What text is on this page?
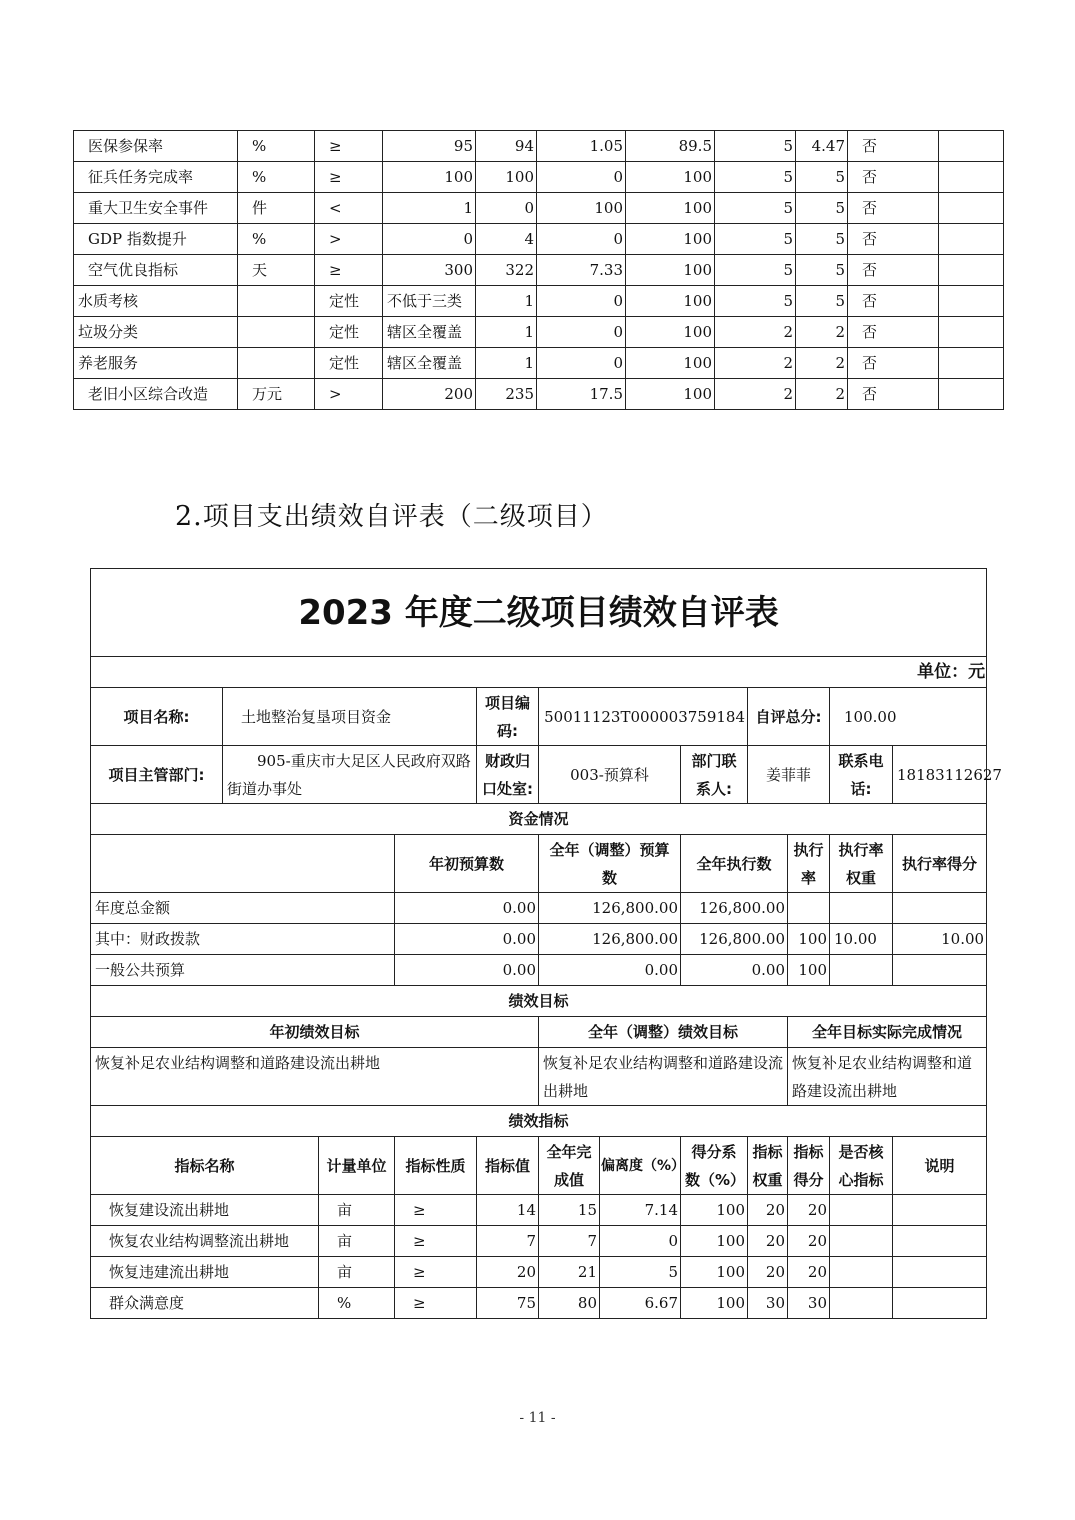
医保参保率	%	≥	95	94	1.05	89.5	5	4.47	否	
征兵任务完成率	%	≥	100	100	0	100	5	5	否	
重大卫生安全事件	件	<	1	0	100	100	5	5	否	
GDP 指数提升	%	>	0	4	0	100	5	5	否	
空气优良指标	天	≥	300	322	7.33	100	5	5	否	
水质考核		定性	不低于三类	1	0	100	5	5	否	
垃圾分类		定性	辖区全覆盖	1	0	100	2	2	否	
养老服务		定性	辖区全覆盖	1	0	100	2	2	否	
老旧小区综合改造	万元	>	200	235	17.5	100	2	2	否	
2.项目支出绩效自评表（二级项目）
2023 年度二级项目绩效自评表											
单位：元											
项目名称:	土地整治复垦项目资金			项目编码:	50011123T000003759184			自评总分:		100.00	
项目主管部门:	905-重庆市大足区人民政府双路街道办事处			财政归口处室:	003-预算科		部门联系人:	姜菲菲		联系电话:	18183112627
资金情况											
			年初预算数		全年（调整）预算数		全年执行数		执行率	执行率权重	执行率得分
年度总金额			0.00		126,800.00		126,800.00				
其中：财政拨款			0.00		126,800.00		126,800.00		100	10.00	10.00
一般公共预算			0.00		0.00		0.00		100		
绩效目标											
年初绩效目标					全年（调整）绩效目标				全年目标实际完成情况		
恢复补足农业结构调整和道路建设流出耕地					恢复补足农业结构调整和道路建设流出耕地				恢复补足农业结构调整和道路建设流出耕地		
绩效指标											
指标名称		计量单位	指标性质	指标值	全年完成值	偏离度（%）	得分系数（%）	指标权重	指标得分	是否核心指标	说明
恢复建设流出耕地		亩	≥	14	15	7.14	100	20	20		
恢复农业结构调整流出耕地		亩	≥	7	7	0	100	20	20		
恢复违建流出耕地		亩	≥	20	21	5	100	20	20		
群众满意度		%	≥	75	80	6.67	100	30	30		
- 11 -
